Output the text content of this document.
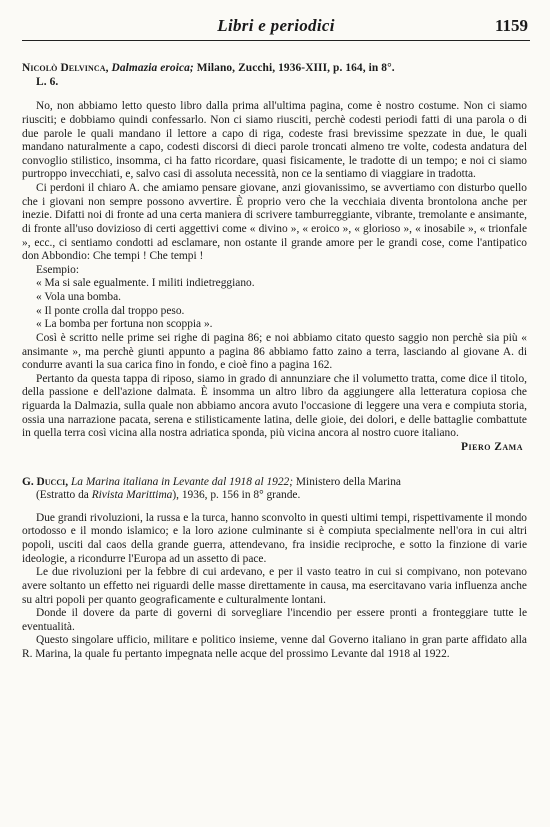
Libri e periodici	1159
Nicolò Delvinca, Dalmazia eroica; Milano, Zucchi, 1936-XIII, p. 164, in 8°.
L. 6.

No, non abbiamo letto questo libro dalla prima all'ultima pagina, come è nostro costume. Non ci siamo riusciti; e dobbiamo quindi confessarlo. Non ci siamo riusciti, perchè codesti periodi fatti di una parola o di due parole le quali mandano il lettore a capo di riga, codeste frasi brevissime spezzate in due, le quali mandano naturalmente a capo, codesti discorsi di dieci parole troncati almeno tre volte, codesta andatura del convoglio stilistico, insomma, ci ha fatto ricordare, quasi fisicamente, le tradotte di un tempo; e noi ci siamo purtroppo invecchiati, e, salvo casi di assoluta necessità, non ce la sentiamo di viaggiare in tradotta.

Ci perdoni il chiaro A. che amiamo pensare giovane, anzi giovanissimo, se avvertiamo con disturbo quello che i giovani non sempre possono avvertire. È proprio vero che la vecchiaia diventa brontolona anche per inezie. Difatti noi di fronte ad una certa maniera di scrivere tamburreggiante, vibrante, tremolante e ansimante, di fronte all'uso dovizioso di certi aggettivi come « divino », « eroico », « glorioso », « inosabile », « trionfale », ecc., ci sentiamo condotti ad esclamare, non ostante il grande amore per le grandi cose, come l'antipatico don Abbondio: Che tempi ! Che tempi !

Esempio:

« Ma si sale egualmente. I militi indietreggiano.

« Vola una bomba.

« Il ponte crolla dal troppo peso.

« La bomba per fortuna non scoppia ».

Così è scritto nelle prime sei righe di pagina 86; e noi abbiamo citato questo saggio non perchè sia più « ansimante », ma perchè giunti appunto a pagina 86 abbiamo fatto zaino a terra, lasciando al giovane A. di condurre avanti la sua carica fino in fondo, e cioè fino a pagina 162.

Pertanto da questa tappa di riposo, siamo in grado di annunziare che il volumetto tratta, come dice il titolo, della passione e dell'azione dalmata. È insomma un altro libro da aggiungere alla letteratura copiosa che riguarda la Dalmazia, sulla quale non abbiamo ancora avuto l'occasione di leggere una vera e compiuta storia, ossia una narrazione pacata, serena e stilisticamente latina, delle gioie, dei dolori, e delle battaglie combattute in quella terra così vicina alla nostra adriatica sponda, più vicina ancora al nostro cuore italiano.

Piero Zama

G. Ducci, La Marina italiana in Levante dal 1918 al 1922; Ministero della Marina
(Estratto da Rivista Marittima), 1936, p. 156 in 8° grande.

Due grandi rivoluzioni, la russa e la turca, hanno sconvolto in questi ultimi tempi, rispettivamente il mondo ortodosso e il mondo islamico; e la loro azione culminante si è compiuta specialmente nell'ora in cui altri popoli, usciti dal caos della grande guerra, attendevano, fra insidie reciproche, e sotto la finzione di varie ideologie, a ricondurre l'Europa ad un assetto di pace.

Le due rivoluzioni per la febbre di cui ardevano, e per il vasto teatro in cui si compivano, non potevano avere soltanto un effetto nei riguardi delle masse direttamente in causa, ma esercitavano varia influenza anche su altri popoli per quanto geograficamente e culturalmente lontani.

Donde il dovere da parte di governi di sorvegliare l'incendio per essere pronti a fronteggiare tutte le eventualità.

Questo singolare ufficio, militare e politico insieme, venne dal Governo italiano in gran parte affidato alla R. Marina, la quale fu pertanto impegnata nelle acque del prossimo Levante dal 1918 al 1922.
